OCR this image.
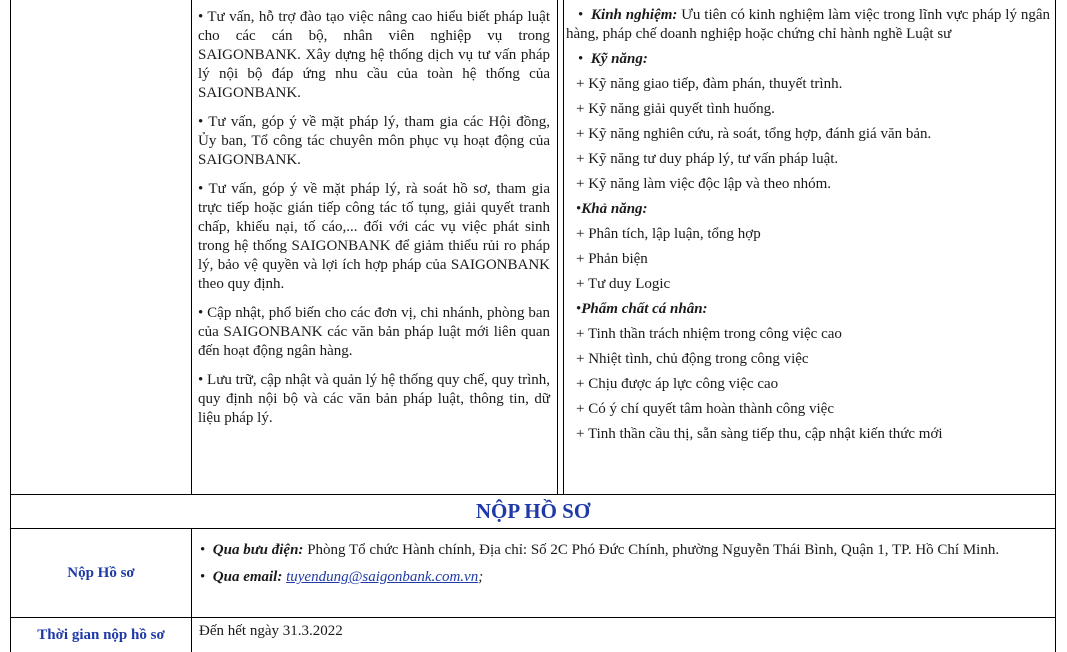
• Tư vấn, hỗ trợ đào tạo việc nâng cao hiểu biết pháp luật cho các cán bộ, nhân viên nghiệp vụ trong SAIGONBANK. Xây dựng hệ thống dịch vụ tư vấn pháp lý nội bộ đáp ứng nhu cầu của toàn hệ thống của SAIGONBANK.
• Tư vấn, góp ý về mặt pháp lý, tham gia các Hội đồng, Ủy ban, Tổ công tác chuyên môn phục vụ hoạt động của SAIGONBANK.
• Tư vấn, góp ý về mặt pháp lý, rà soát hồ sơ, tham gia trực tiếp hoặc gián tiếp công tác tố tụng, giải quyết tranh chấp, khiếu nại, tố cáo,... đối với các vụ việc phát sinh trong hệ thống SAIGONBANK để giảm thiểu rủi ro pháp lý, bảo vệ quyền và lợi ích hợp pháp của SAIGONBANK theo quy định.
• Cập nhật, phổ biến cho các đơn vị, chi nhánh, phòng ban của SAIGONBANK các văn bản pháp luật mới liên quan đến hoạt động ngân hàng.
• Lưu trữ, cập nhật và quản lý hệ thống quy chế, quy trình, quy định nội bộ và các văn bản pháp luật, thông tin, dữ liệu pháp lý.
•  Kinh nghiệm: Ưu tiên có kinh nghiệm làm việc trong lĩnh vực pháp lý ngân hàng, pháp chế doanh nghiệp hoặc chứng chỉ hành nghề Luật sư
•  Kỹ năng:
+ Kỹ năng giao tiếp, đàm phán, thuyết trình.
+ Kỹ năng giải quyết tình huống.
+ Kỹ năng nghiên cứu, rà soát, tổng hợp, đánh giá văn bản.
+ Kỹ năng tư duy pháp lý, tư vấn pháp luật.
+ Kỹ năng làm việc độc lập và theo nhóm.
•Khả năng:
+ Phân tích, lập luận, tổng hợp
+ Phản biện
+ Tư duy Logic
•Phẩm chất cá nhân:
+ Tinh thần trách nhiệm trong công việc cao
+ Nhiệt tình, chủ động trong công việc
+ Chịu được áp lực công việc cao
+ Có ý chí quyết tâm hoàn thành công việc
+ Tinh thần cầu thị, sẵn sàng tiếp thu, cập nhật kiến thức mới
NỘP HỒ SƠ
Nộp Hồ sơ
•  Qua bưu điện: Phòng Tổ chức Hành chính, Địa chỉ: Số 2C Phó Đức Chính, phường Nguyễn Thái Bình, Quận 1, TP. Hồ Chí Minh.
•  Qua email: tuyendung@saigonbank.com.vn;
Thời gian nộp hồ sơ	Đến hết ngày 31.3.2022
